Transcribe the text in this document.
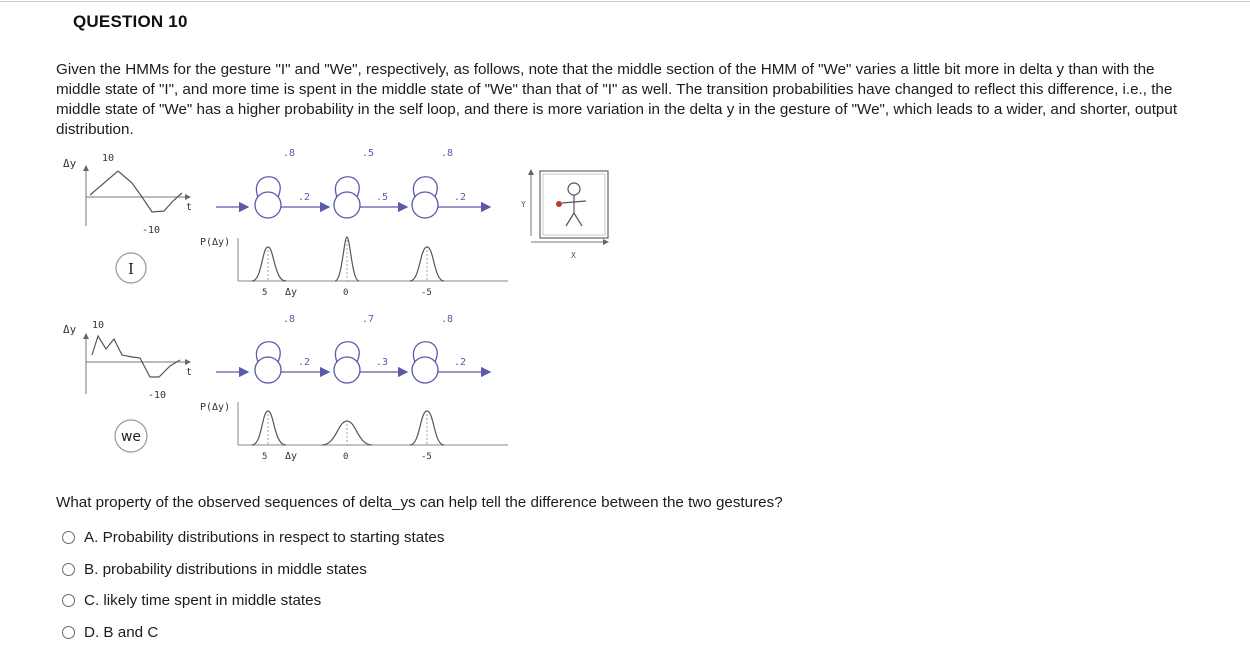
QUESTION 10
Given the HMMs for the gesture "I" and "We", respectively, as follows, note that the middle section of the HMM of "We" varies a little bit more in delta y than with the middle state of "I", and more time is spent in the middle state of "We" than that of "I" as well. The transition probabilities have changed to reflect this difference, i.e., the middle state of "We" has a higher probability in the self loop, and there is more variation in the delta y in the gesture of "We", which leads to a wider, and shorter, output distribution.
Δy	10
-10
t
.8	.5	.8
.2	.5	.2
P(Δy)
5 Δy	0	-5
I
Y
X
Δy 10
-10
t
.8	.7	.8
.2	.3	.2
P(Δy)
5 Δy	0	-5
we
What property of the observed sequences of delta_ys can help tell the difference between the two gestures?
A. Probability distributions in respect to starting states
B. probability distributions in middle states
C. likely time spent in middle states
D. B and C
